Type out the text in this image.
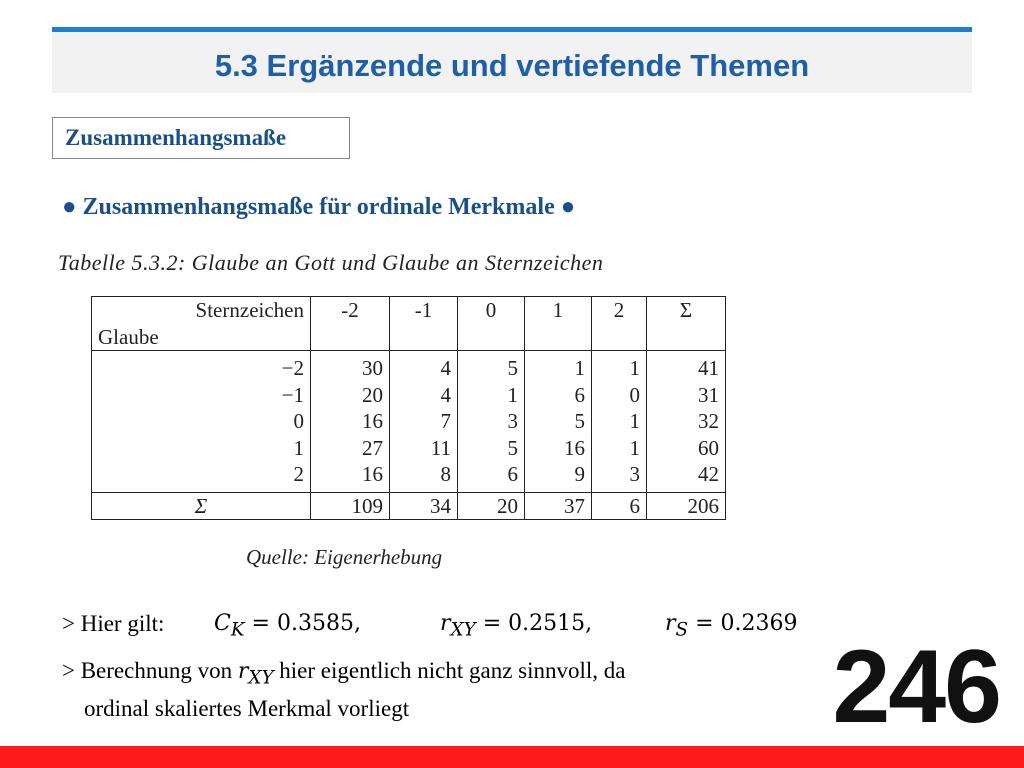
5.3 Ergänzende und vertiefende Themen
Zusammenhangsmaße
● Zusammenhangsmaße für ordinale Merkmale ●
Tabelle 5.3.2: Glaube an Gott und Glaube an Sternzeichen
Sternzeichen	-2	-1	0	1	2	Σ
Glaube						
−2	30	4	5	1	1	41
−1	20	4	1	6	0	31
0	16	7	3	5	1	32
1	27	11	5	16	1	60
2	16	8	6	9	3	42
Σ	109	34	20	37	6	206
Quelle: Eigenerhebung
> Hier gilt: $C_K = 0.3585$,	$r_{XY} = 0.2515$,	$r_S = 0.2369$
> Berechnung von $r_{XY}$ hier eigentlich nicht ganz sinnvoll, da
ordinal skaliertes Merkmal vorliegt	246
